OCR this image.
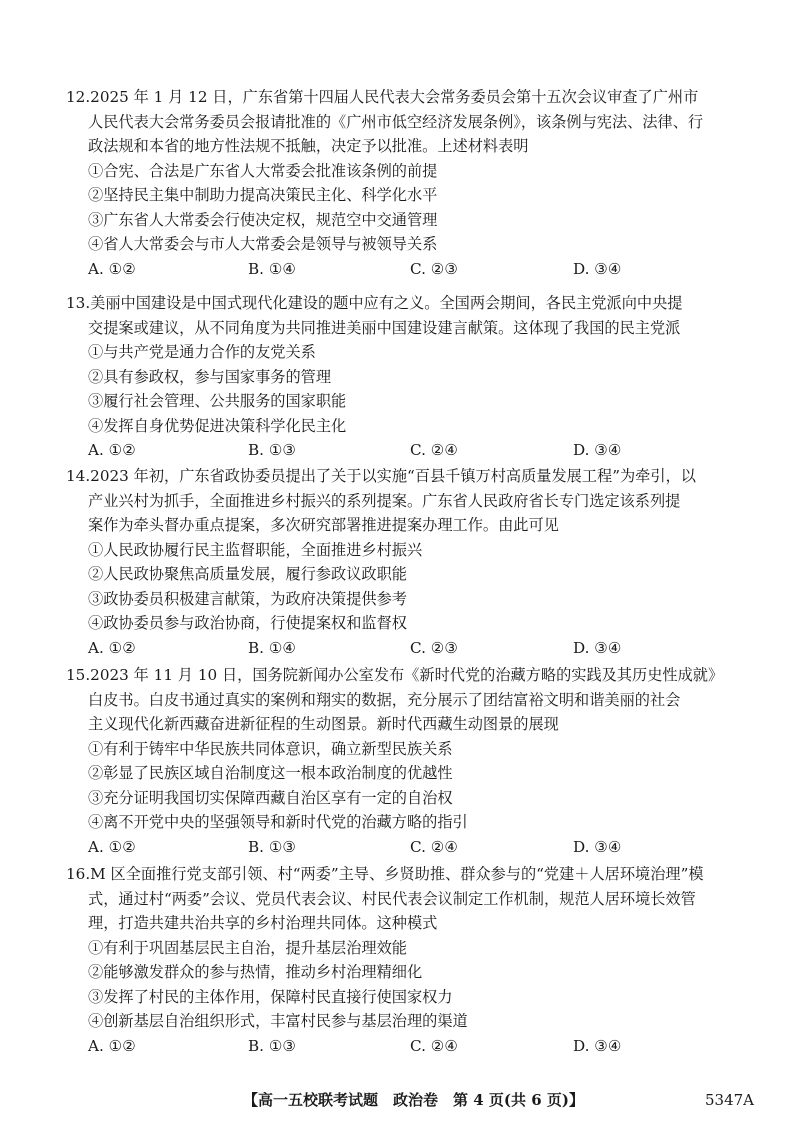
12.2025 年 1 月 12 日，广东省第十四届人民代表大会常务委员会第十五次会议审查了广州市
人民代表大会常务委员会报请批准的《广州市低空经济发展条例》，该条例与宪法、法律、行
政法规和本省的地方性法规不抵触，决定予以批准。上述材料表明
①合宪、合法是广东省人大常委会批准该条例的前提
②坚持民主集中制助力提高决策民主化、科学化水平
③广东省人大常委会行使决定权，规范空中交通管理
④省人大常委会与市人大常委会是领导与被领导关系
A. ①②	B. ①④	C. ②③	D. ③④
13.美丽中国建设是中国式现代化建设的题中应有之义。全国两会期间，各民主党派向中央提
交提案或建议，从不同角度为共同推进美丽中国建设建言献策。这体现了我国的民主党派
①与共产党是通力合作的友党关系
②具有参政权，参与国家事务的管理
③履行社会管理、公共服务的国家职能
④发挥自身优势促进决策科学化民主化
A. ①②	B. ①③	C. ②④	D. ③④
14.2023 年初，广东省政协委员提出了关于以实施“百县千镇万村高质量发展工程”为牵引，以
产业兴村为抓手，全面推进乡村振兴的系列提案。广东省人民政府省长专门选定该系列提
案作为牵头督办重点提案，多次研究部署推进提案办理工作。由此可见
①人民政协履行民主监督职能，全面推进乡村振兴
②人民政协聚焦高质量发展，履行参政议政职能
③政协委员积极建言献策，为政府决策提供参考
④政协委员参与政治协商，行使提案权和监督权
A. ①②	B. ①④	C. ②③	D. ③④
15.2023 年 11 月 10 日，国务院新闻办公室发布《新时代党的治藏方略的实践及其历史性成就》
白皮书。白皮书通过真实的案例和翔实的数据，充分展示了团结富裕文明和谐美丽的社会
主义现代化新西藏奋进新征程的生动图景。新时代西藏生动图景的展现
①有利于铸牢中华民族共同体意识，确立新型民族关系
②彰显了民族区域自治制度这一根本政治制度的优越性
③充分证明我国切实保障西藏自治区享有一定的自治权
④离不开党中央的坚强领导和新时代党的治藏方略的指引
A. ①②	B. ①③	C. ②④	D. ③④
16.M 区全面推行党支部引领、村“两委”主导、乡贤助推、群众参与的“党建＋人居环境治理”模
式，通过村“两委”会议、党员代表会议、村民代表会议制定工作机制，规范人居环境长效管
理，打造共建共治共享的乡村治理共同体。这种模式
①有利于巩固基层民主自治，提升基层治理效能
②能够激发群众的参与热情，推动乡村治理精细化
③发挥了村民的主体作用，保障村民直接行使国家权力
④创新基层自治组织形式，丰富村民参与基层治理的渠道
A. ①②	B. ①③	C. ②④	D. ③④
【高一五校联考试题　政治卷　第 4 页(共 6 页)】	5347A
